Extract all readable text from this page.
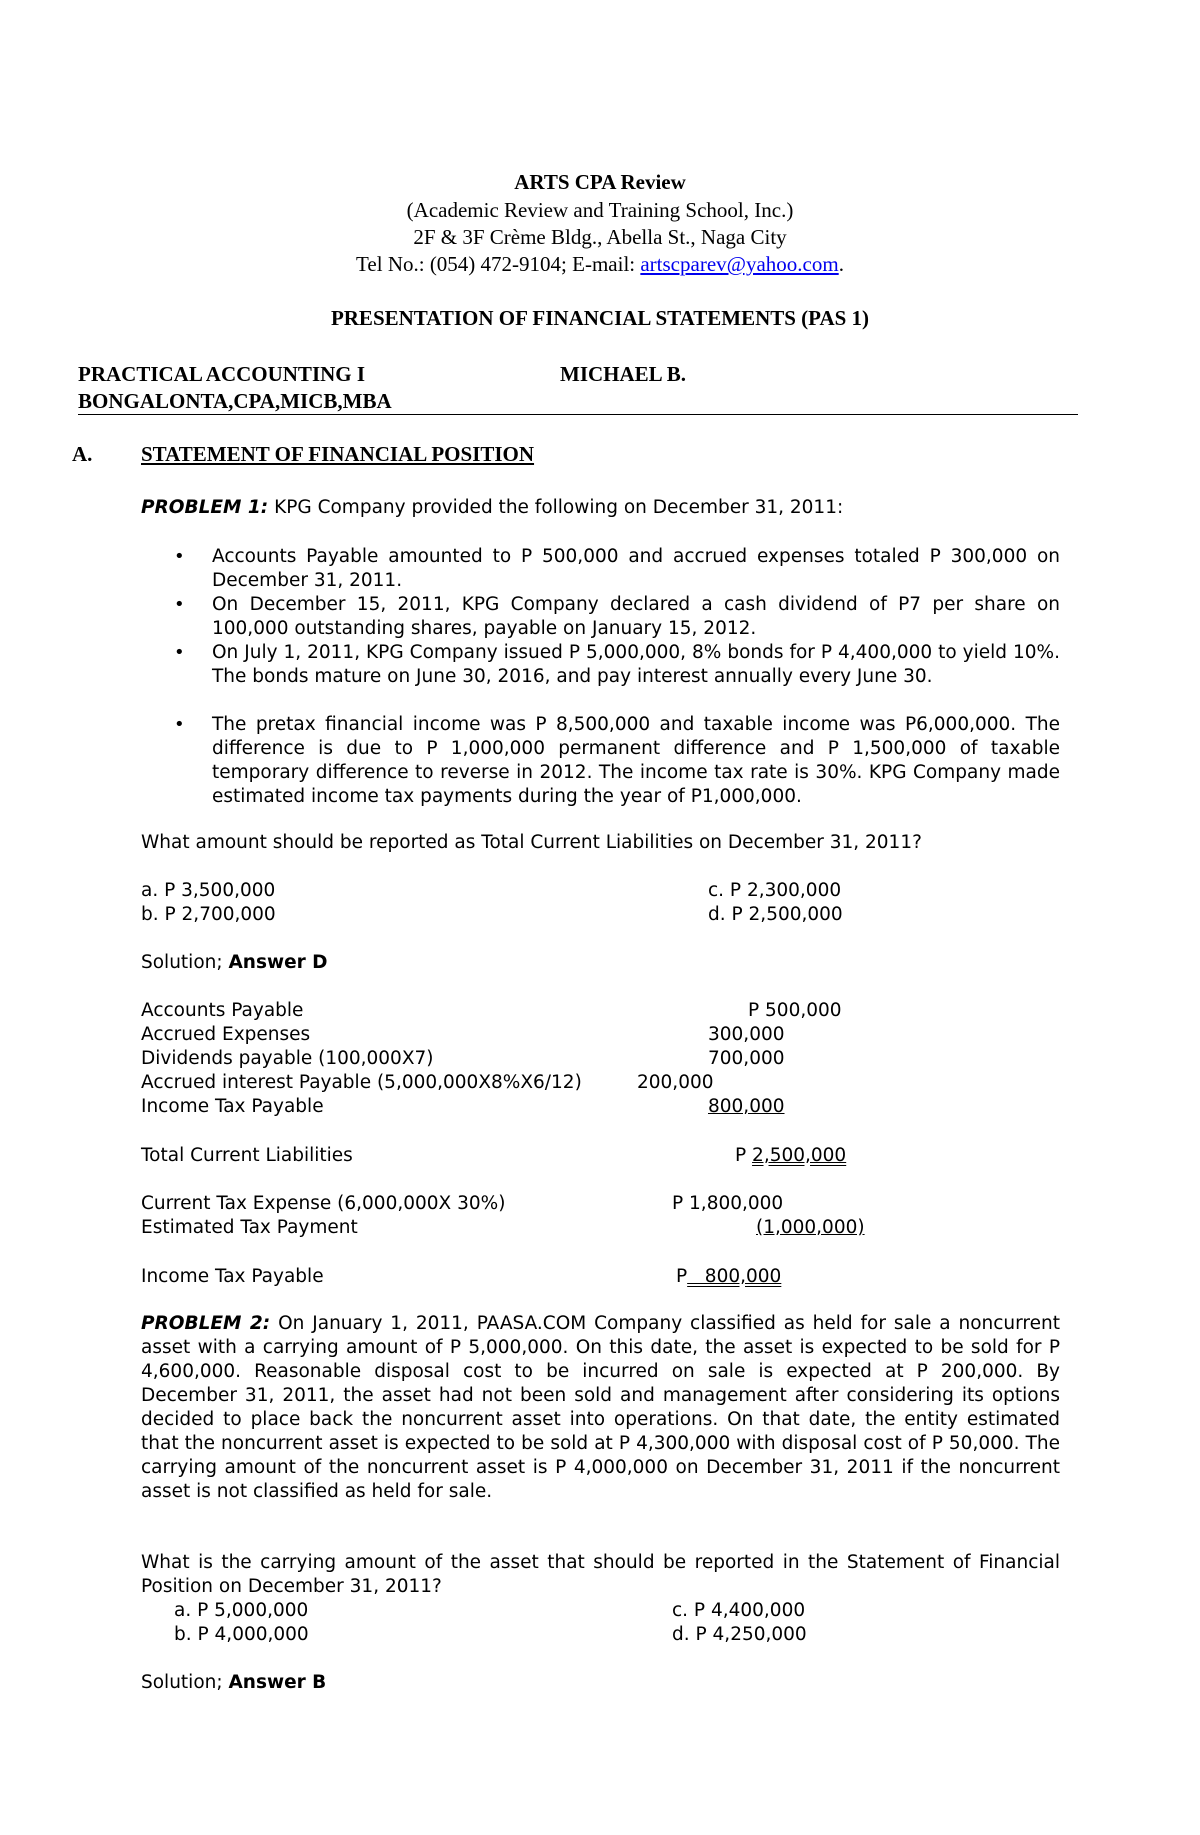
ARTS CPA Review
(Academic Review and Training School, Inc.)
2F & 3F Crème Bldg., Abella St., Naga City
Tel No.: (054) 472-9104; E-mail: artscparev@yahoo.com.
PRESENTATION OF FINANCIAL STATEMENTS (PAS 1)
PRACTICAL ACCOUNTING I	MICHAEL B.
BONGALONTA,CPA,MICB,MBA
A. STATEMENT OF FINANCIAL POSITION
PROBLEM 1: KPG Company provided the following on December 31, 2011:
• Accounts Payable amounted to P 500,000 and accrued expenses totaled P 300,000 on December 31, 2011.
• On December 15, 2011, KPG Company declared a cash dividend of P7 per share on 100,000 outstanding shares, payable on January 15, 2012.
• On July 1, 2011, KPG Company issued P 5,000,000, 8% bonds for P 4,400,000 to yield 10%. The bonds mature on June 30, 2016, and pay interest annually every June 30.
• The pretax financial income was P 8,500,000 and taxable income was P6,000,000. The difference is due to P 1,000,000 permanent difference and P 1,500,000 of taxable temporary difference to reverse in 2012. The income tax rate is 30%. KPG Company made estimated income tax payments during the year of P1,000,000.
What amount should be reported as Total Current Liabilities on December 31, 2011?
a. P 3,500,000
b. P 2,700,000
c. P 2,300,000
d. P 2,500,000
Solution; Answer D
Accounts Payable	P 500,000
Accrued Expenses	300,000
Dividends payable (100,000X7)	700,000
Accrued interest Payable (5,000,000X8%X6/12)	200,000
Income Tax Payable	800,000
Total Current Liabilities	P 2,500,000
Current Tax Expense (6,000,000X 30%)	P 1,800,000
Estimated Tax Payment	(1,000,000)
Income Tax Payable	P   800,000
PROBLEM 2: On January 1, 2011, PAASA.COM Company classified as held for sale a noncurrent asset with a carrying amount of P 5,000,000. On this date, the asset is expected to be sold for P 4,600,000. Reasonable disposal cost to be incurred on sale is expected at P 200,000. By December 31, 2011, the asset had not been sold and management after considering its options decided to place back the noncurrent asset into operations. On that date, the entity estimated that the noncurrent asset is expected to be sold at P 4,300,000 with disposal cost of P 50,000. The carrying amount of the noncurrent asset is P 4,000,000 on December 31, 2011 if the noncurrent asset is not classified as held for sale.
What is the carrying amount of the asset that should be reported in the Statement of Financial Position on December 31, 2011?
a. P 5,000,000
b. P 4,000,000
c. P 4,400,000
d. P 4,250,000
Solution; Answer B
